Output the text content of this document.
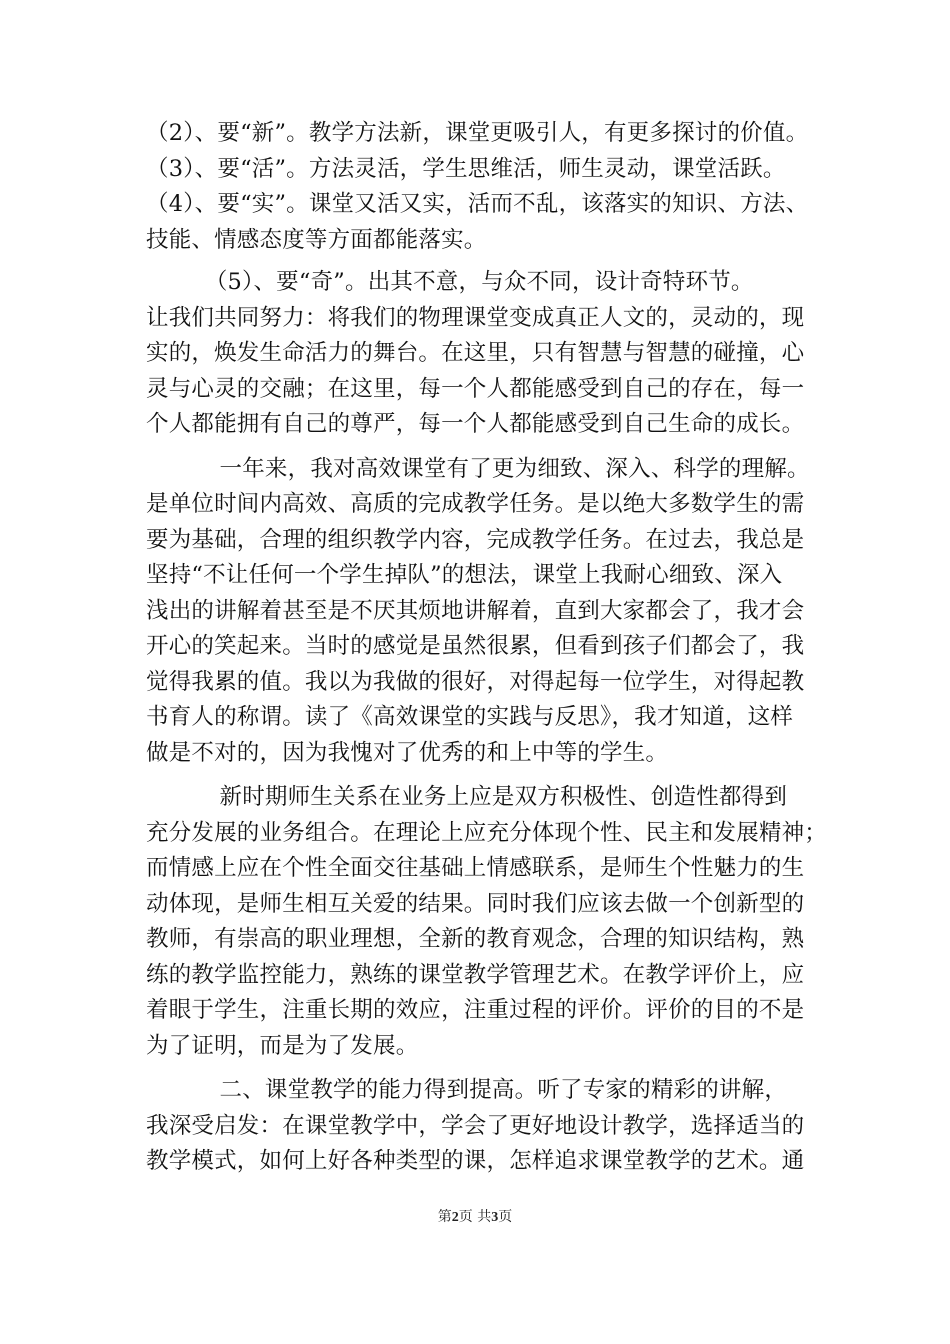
（2）、要“新”。教学方法新，课堂更吸引人，有更多探讨的价值。
（3）、要“活”。方法灵活，学生思维活，师生灵动，课堂活跃。
（4）、要“实”。课堂又活又实，活而不乱，该落实的知识、方法、
技能、情感态度等方面都能落实。
（5）、要“奇”。出其不意，与众不同，设计奇特环节。
让我们共同努力：将我们的物理课堂变成真正人文的，灵动的，现
实的，焕发生命活力的舞台。在这里，只有智慧与智慧的碰撞，心
灵与心灵的交融；在这里，每一个人都能感受到自己的存在，每一
个人都能拥有自己的尊严，每一个人都能感受到自己生命的成长。
一年来，我对高效课堂有了更为细致、深入、科学的理解。
是单位时间内高效、高质的完成教学任务。是以绝大多数学生的需
要为基础，合理的组织教学内容，完成教学任务。在过去，我总是
坚持“不让任何一个学生掉队”的想法，课堂上我耐心细致、深入
浅出的讲解着甚至是不厌其烦地讲解着，直到大家都会了，我才会
开心的笑起来。当时的感觉是虽然很累，但看到孩子们都会了，我
觉得我累的值。我以为我做的很好，对得起每一位学生，对得起教
书育人的称谓。读了《高效课堂的实践与反思》，我才知道，这样
做是不对的，因为我愧对了优秀的和上中等的学生。
新时期师生关系在业务上应是双方积极性、创造性都得到
充分发展的业务组合。在理论上应充分体现个性、民主和发展精神；
而情感上应在个性全面交往基础上情感联系，是师生个性魅力的生
动体现，是师生相互关爱的结果。同时我们应该去做一个创新型的
教师，有崇高的职业理想，全新的教育观念，合理的知识结构，熟
练的教学监控能力，熟练的课堂教学管理艺术。在教学评价上，应
着眼于学生，注重长期的效应，注重过程的评价。评价的目的不是
为了证明，而是为了发展。
二、课堂教学的能力得到提高。听了专家的精彩的讲解，
我深受启发：在课堂教学中，学会了更好地设计教学，选择适当的
教学模式，如何上好各种类型的课，怎样追求课堂教学的艺术。通
第2页 共3页
